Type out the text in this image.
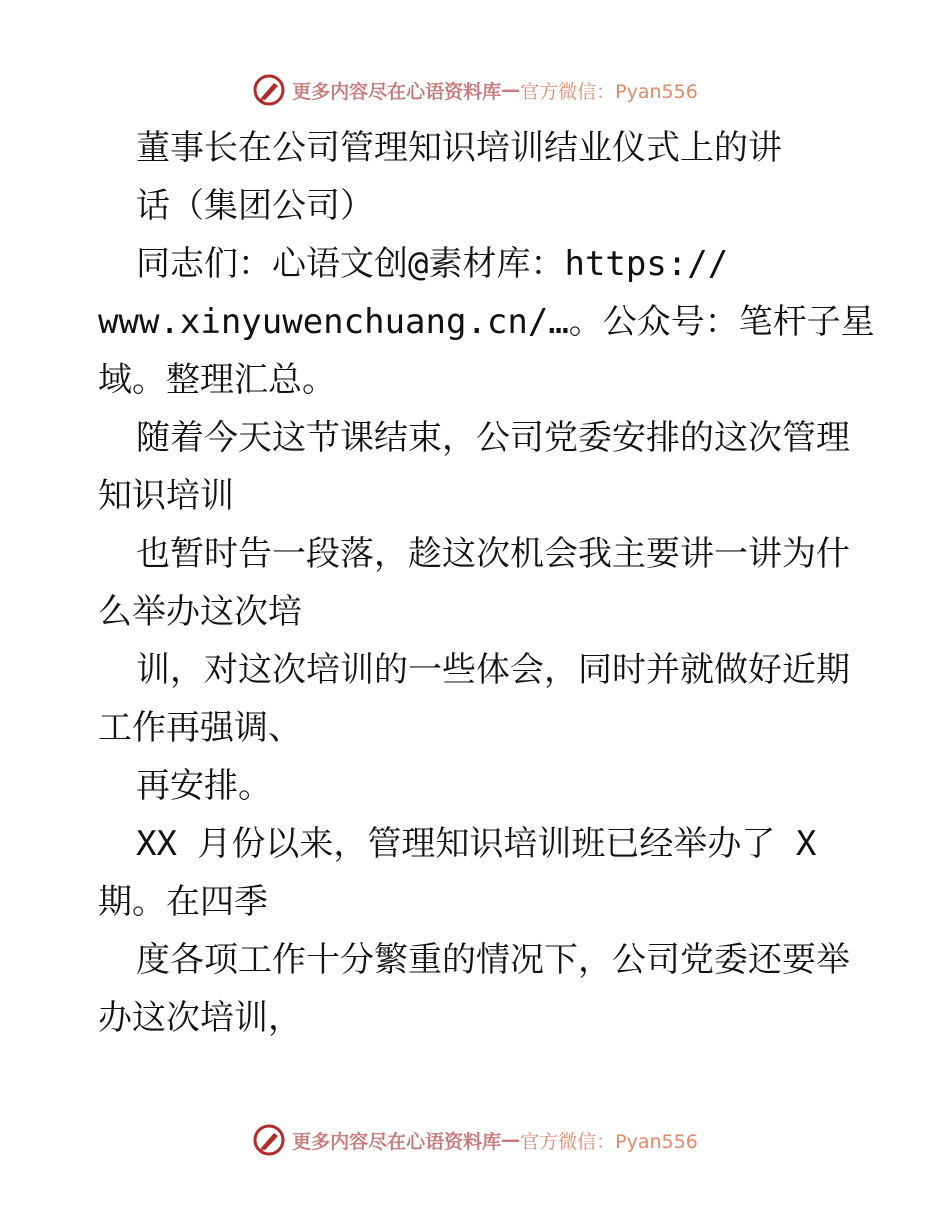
更多内容尽在心语资料库 — 官方微信：Pyan556
董事长在公司管理知识培训结业仪式上的讲
话（集团公司）
同志们：心语文创@素材库：https://
www.xinyuwenchuang.cn/…。公众号：笔杆子星
域。整理汇总。
随着今天这节课结束，公司党委安排的这次管理
知识培训
也暂时告一段落，趁这次机会我主要讲一讲为什
么举办这次培
训，对这次培训的一些体会，同时并就做好近期
工作再强调、
再安排。
XX 月份以来，管理知识培训班已经举办了 X
期。在四季
度各项工作十分繁重的情况下，公司党委还要举
办这次培训，
更多内容尽在心语资料库 — 官方微信：Pyan556
